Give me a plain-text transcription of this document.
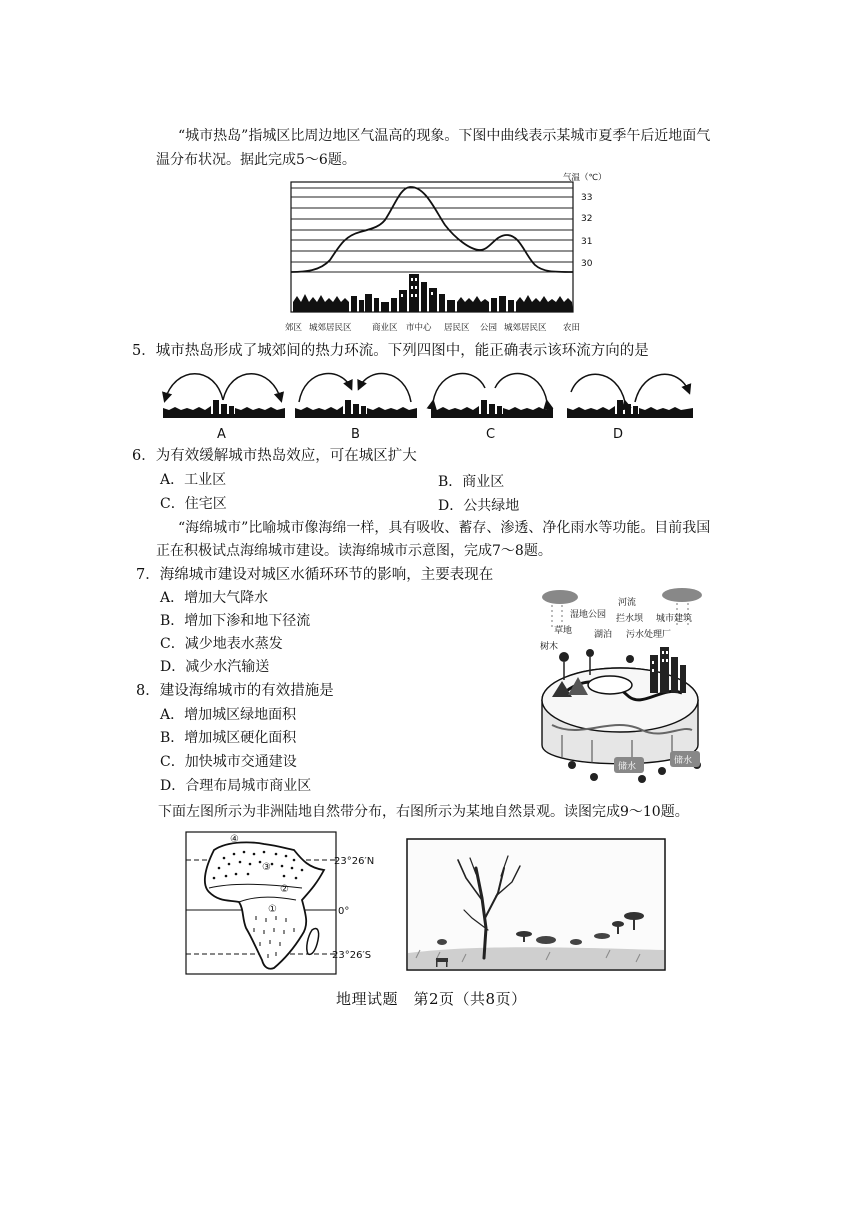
“城市热岛”指城区比周边地区气温高的现象。下图中曲线表示某城市夏季午后近地面气
温分布状况。据此完成5～6题。
气温（℃）
33
32
31
30
郊区 城郊居民区 商业区 市中心 居民区 公园 城郊居民区 农田
5．城市热岛形成了城郊间的热力环流。下列四图中，能正确表示该环流方向的是
A	B	C	D
6．为有效缓解城市热岛效应，可在城区扩大
A．工业区	B．商业区
C．住宅区	D．公共绿地
“海绵城市”比喻城市像海绵一样，具有吸收、蓄存、渗透、净化雨水等功能。目前我国
正在积极试点海绵城市建设。读海绵城市示意图，完成7～8题。
7．海绵城市建设对城区水循环环节的影响，主要表现在
A．增加大气降水
B．增加下渗和地下径流
C．减少地表水蒸发
D．减少水汽输送
8．建设海绵城市的有效措施是
A．增加城区绿地面积
B．增加城区硬化面积
C．加快城市交通建设
D．合理布局城市商业区
河流
湿地公园 拦水坝 城市建筑
草地 湖泊 污水处理厂
树木
储水
储水
下面左图所示为非洲陆地自然带分布，右图所示为某地自然景观。读图完成9～10题。
④
③
②
①
23°26′N
0°
23°26′S
地理试题　第2页（共8页）
